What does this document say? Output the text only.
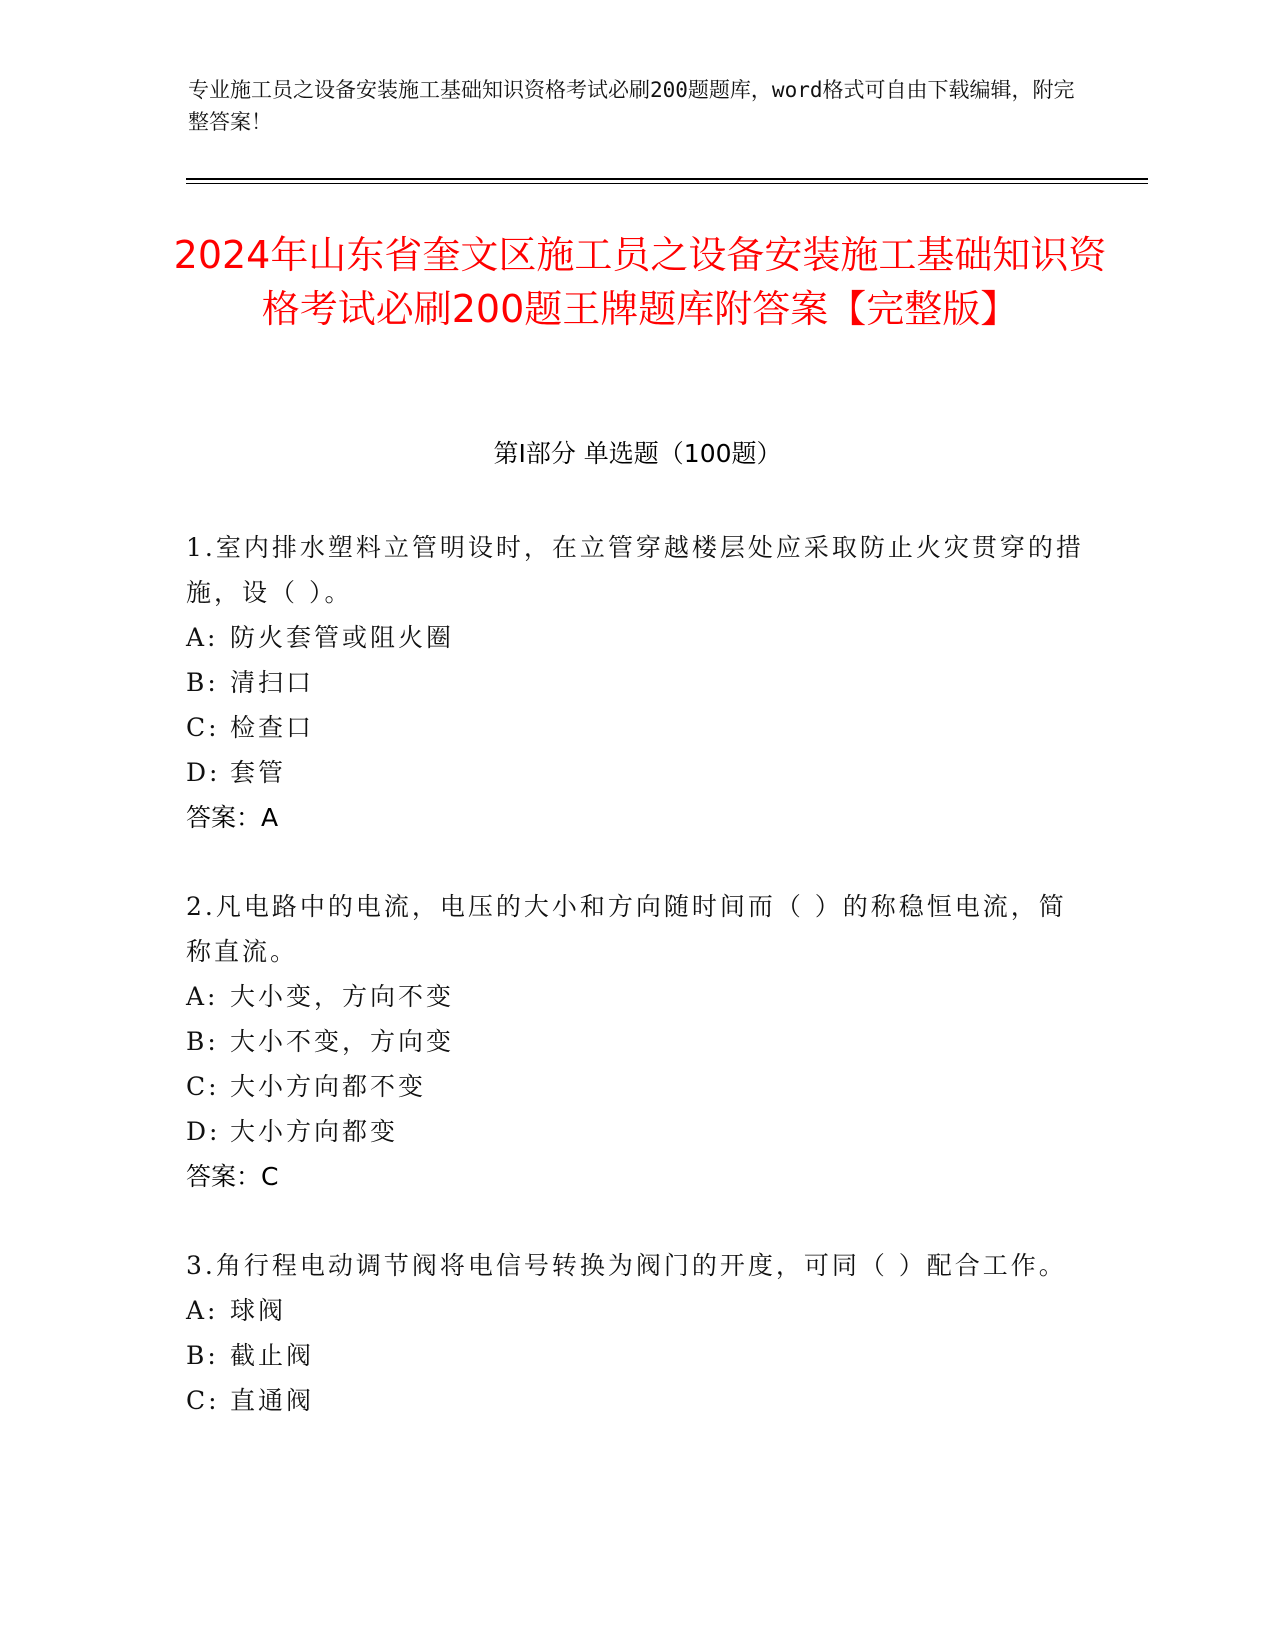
专业施工员之设备安装施工基础知识资格考试必刷200题题库，word格式可自由下载编辑，附完整答案！
2024年山东省奎文区施工员之设备安装施工基础知识资格考试必刷200题王牌题库附答案【完整版】
第I部分 单选题（100题）
1.室内排水塑料立管明设时，在立管穿越楼层处应采取防止火灾贯穿的措施，设（ ）。
A: 防火套管或阻火圈
B: 清扫口
C: 检查口
D: 套管
答案：A
2.凡电路中的电流，电压的大小和方向随时间而（ ）的称稳恒电流，简称直流。
A: 大小变，方向不变
B: 大小不变，方向变
C: 大小方向都不变
D: 大小方向都变
答案：C
3.角行程电动调节阀将电信号转换为阀门的开度，可同（ ）配合工作。
A: 球阀
B: 截止阀
C: 直通阀
